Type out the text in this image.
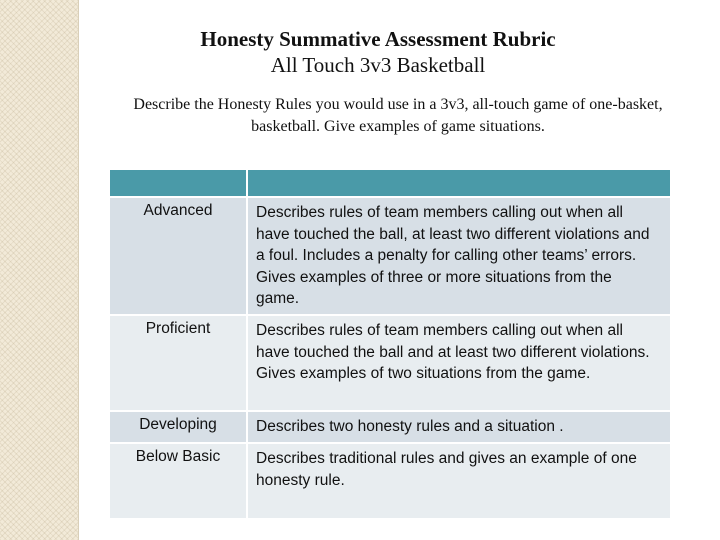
Honesty Summative Assessment Rubric
All Touch 3v3 Basketball
Describe the Honesty Rules you would use in a 3v3, all-touch game of one-basket, basketball. Give examples of game situations.

Advanced	Describes rules of team members calling out when all have touched the ball, at least two different violations and a foul. Includes a penalty for calling other teams’ errors. Gives examples of three or more situations from the game.
Proficient	Describes rules of team members calling out when all have touched the ball and at least two different violations. Gives examples of two situations from the game.
Developing	Describes two honesty rules and a situation .
Below Basic	Describes traditional rules and gives an example of one honesty rule.
